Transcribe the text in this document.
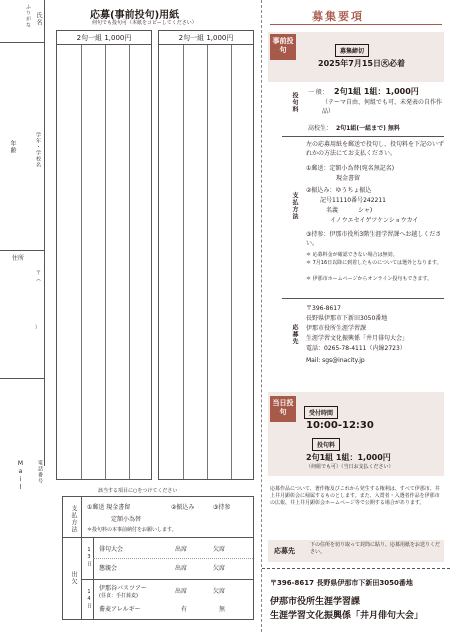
ふりがな 氏名
学年・学校名
年齢
住所
〒（
）
Mail	電話番号
応募(事前投句)用紙
何句でも投句可（本紙をコピーしてください）
2句一組 1,000円	2句一組 1,000円
該当する項目に○をつけてください
支払方法 ①郵送 現金書留
定額小為替
②振込み	③持参
＊投句料の本事前納付をお願いします。
出欠
13日
14日
俳句大会	出席	欠席
懇親会	出席	欠席
伊那谷バスツアー
(昼食：手打蕎麦)
出席	欠席
蕎麦アレルギー	有	無
募集要項
事前投句	募集締切
2025年7月15日㊋必着
投句料 一 般： 2句1組 1組：1,000円
（テーマ自由、何組でも可、未発表の自作作品）
高校生： 2句1組(一組まで) 無料
支払方法
左の応募用紙を郵送で投句し、投句料を下記のいずれかの方法にてお支払ください。
①郵送：定額小為替(宛名無記名)
現金書留
②振込み：ゆうちょ振込
記号11110番号242211
名義	シャ)
イノウエセイゲツケンショウカイ
③持参：伊那市役所3階生涯学習課へお越しください。
＊ 応募料金が確認できない場合は無効。
＊ 7月16日以降に到着したものについては選外となります。
＊ 伊那市ホームページからオンライン投句もできます。
応募先
〒396-8617
長野県伊那市下新田3050番地
伊那市役所生涯学習課
生涯学習文化振興係「井月俳句大会」
電話：0265-78-4111（内線2723）
Mail: sgs@inacity.jp
当日投句	受付時間
10:00-12:30
投句料
2句1組 1組：1,000円
（何組でも可）（当日お支払ください）
応募作品について、著作権及びこれから発生する権利は、すべて伊那市、井上井月顕彰会に帰属するものとします。また、入賞者・入選者作品を伊那市の広報、井上井月顕彰会ホームページ等で公開する場合があります。
応募先
下の住所を切り取って封筒に貼り、応募用紙をお送りください。
〒396-8617 長野県伊那市下新田3050番地
伊那市役所生涯学習課
生涯学習文化振興係「井月俳句大会」
